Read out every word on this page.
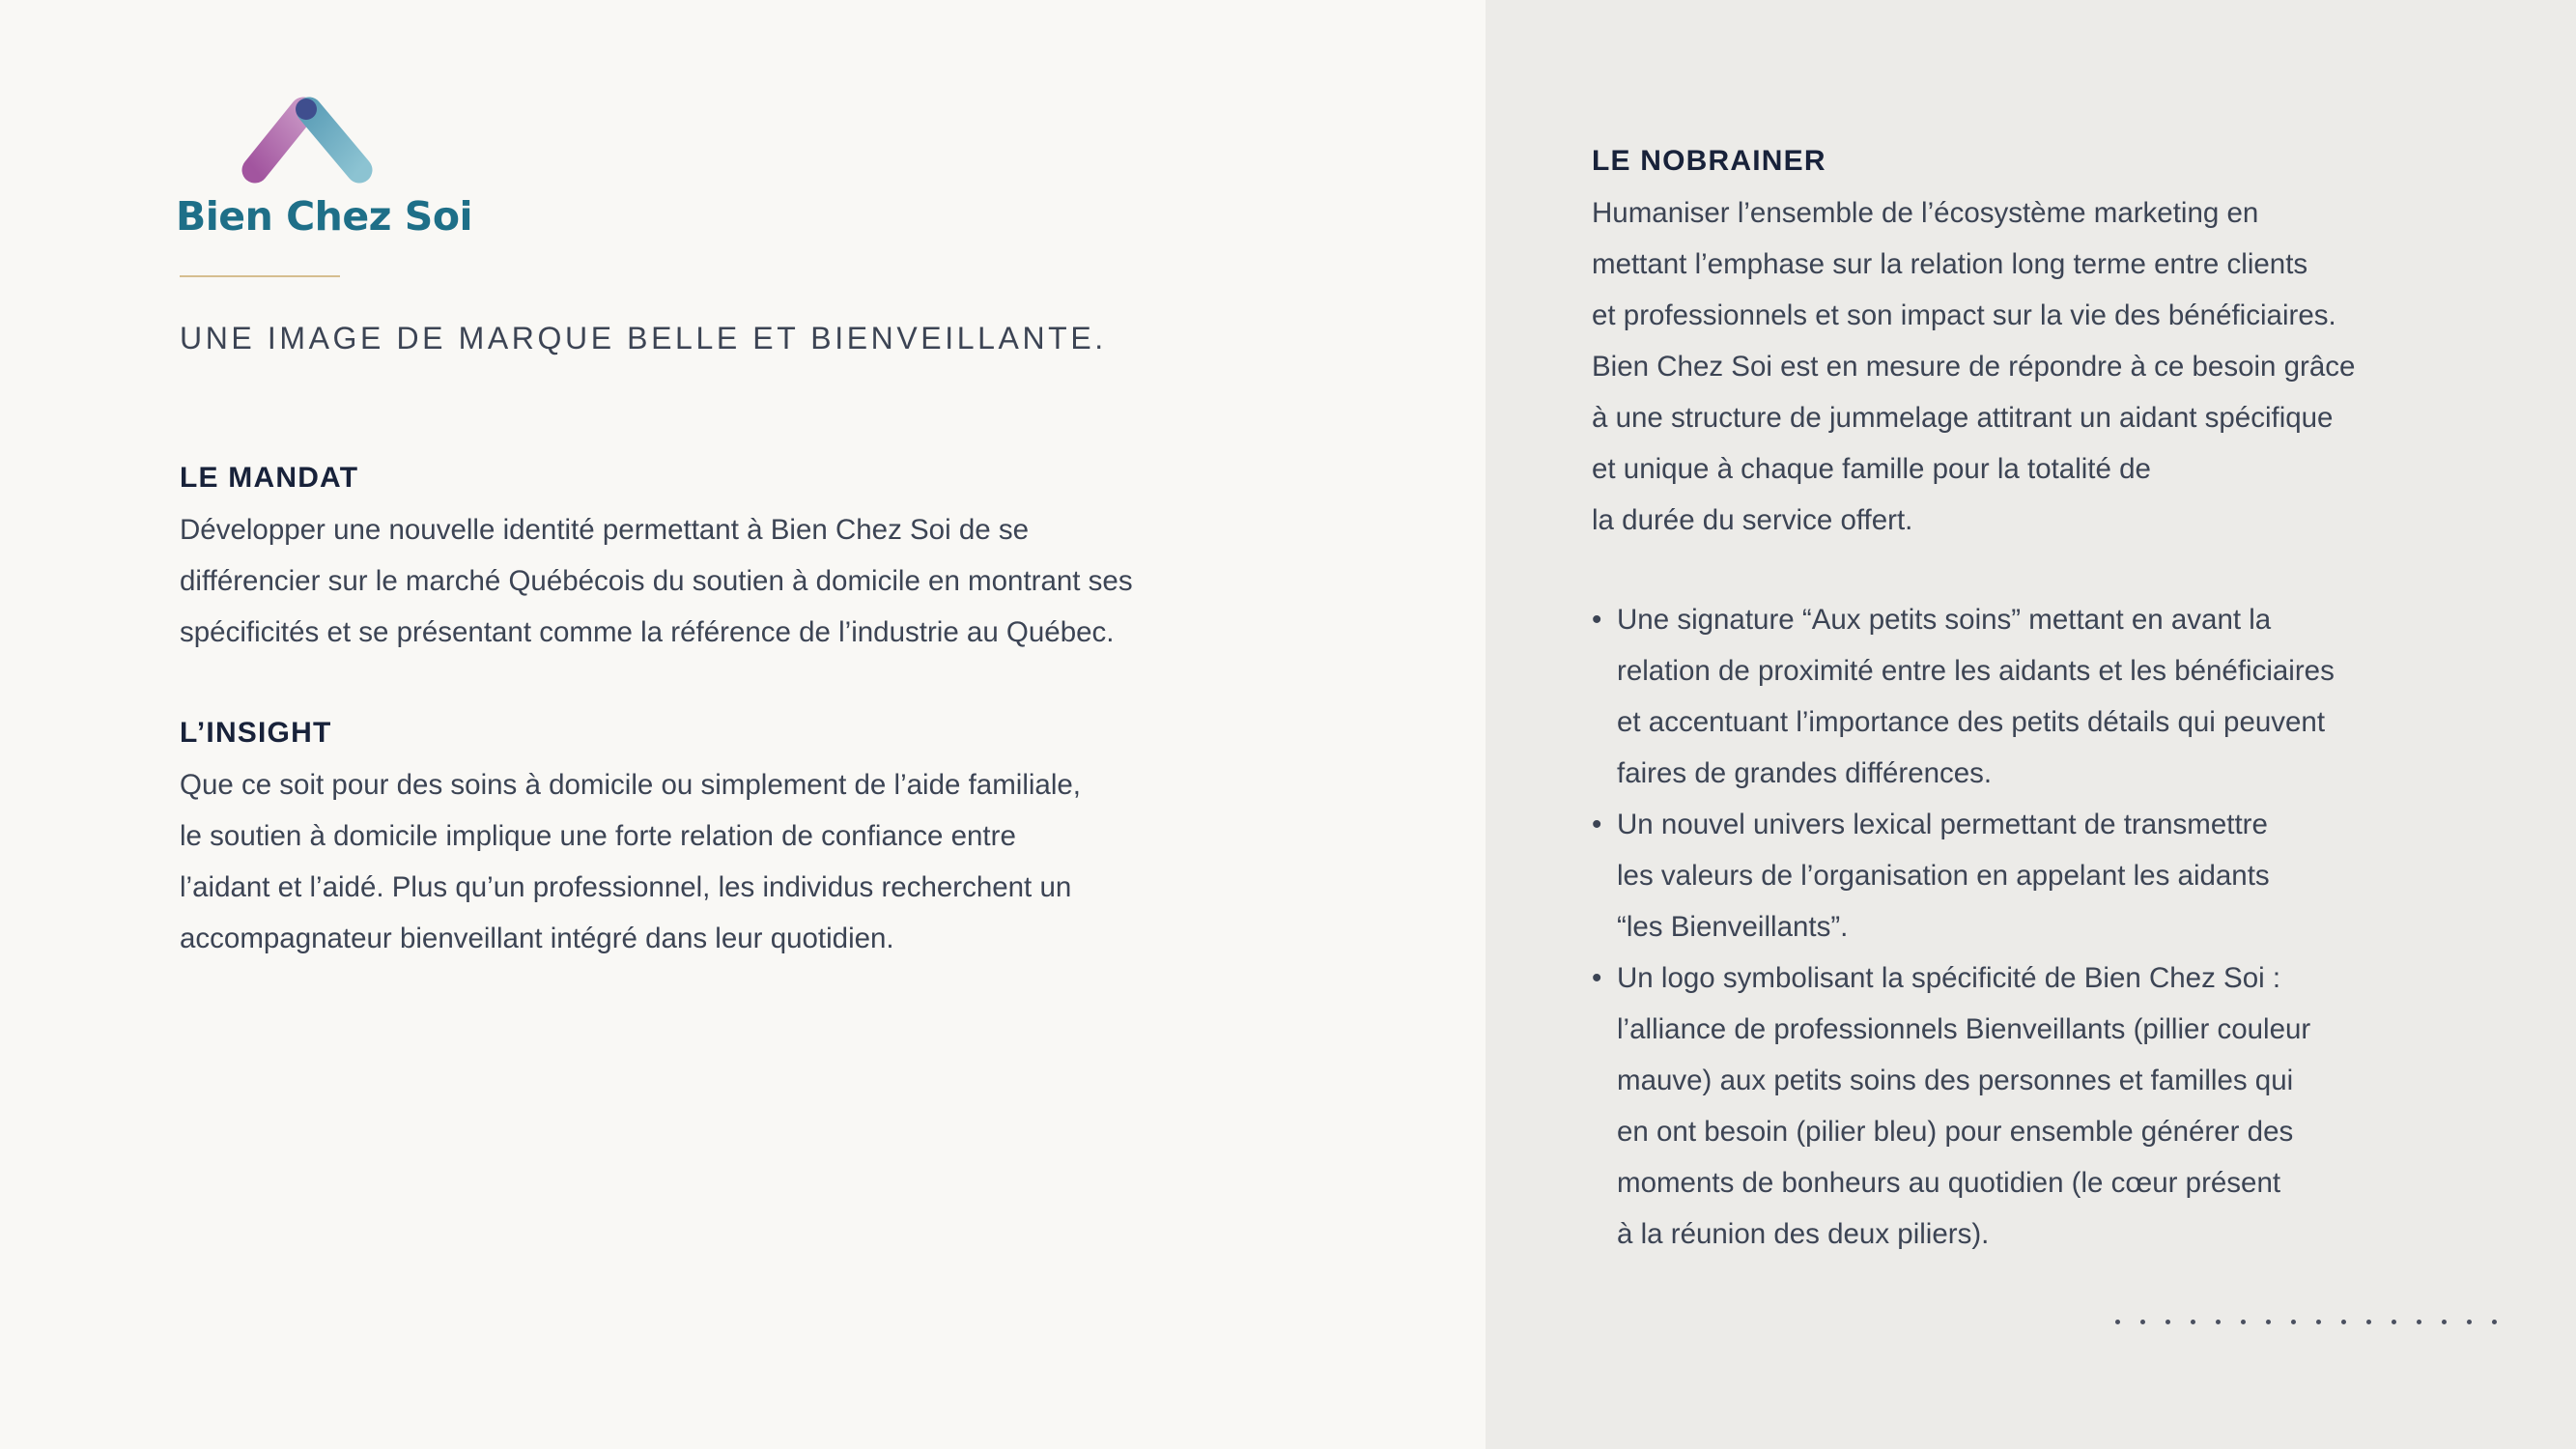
Bien Chez Soi
UNE IMAGE DE MARQUE BELLE ET BIENVEILLANTE.
LE MANDAT
Développer une nouvelle identité permettant à Bien Chez Soi de se
différencier sur le marché Québécois du soutien à domicile en montrant ses
spécificités et se présentant comme la référence de l’industrie au Québec.
L’INSIGHT
Que ce soit pour des soins à domicile ou simplement de l’aide familiale,
le soutien à domicile implique une forte relation de confiance entre
l’aidant et l’aidé. Plus qu’un professionnel, les individus recherchent un
accompagnateur bienveillant intégré dans leur quotidien.
LE NOBRAINER
Humaniser l’ensemble de l’écosystème marketing en
mettant l’emphase sur la relation long terme entre clients
et professionnels et son impact sur la vie des bénéficiaires.
Bien Chez Soi est en mesure de répondre à ce besoin grâce
à une structure de jummelage attitrant un aidant spécifique
et unique à chaque famille pour la totalité de
la durée du service offert.
• Une signature “Aux petits soins” mettant en avant la
relation de proximité entre les aidants et les bénéficiaires
et accentuant l’importance des petits détails qui peuvent
faires de grandes différences.
• Un nouvel univers lexical permettant de transmettre
les valeurs de l’organisation en appelant les aidants
“les Bienveillants”.
• Un logo symbolisant la spécificité de Bien Chez Soi :
l’alliance de professionnels Bienveillants (pillier couleur
mauve) aux petits soins des personnes et familles qui
en ont besoin (pilier bleu) pour ensemble générer des
moments de bonheurs au quotidien (le cœur présent
à la réunion des deux piliers).
